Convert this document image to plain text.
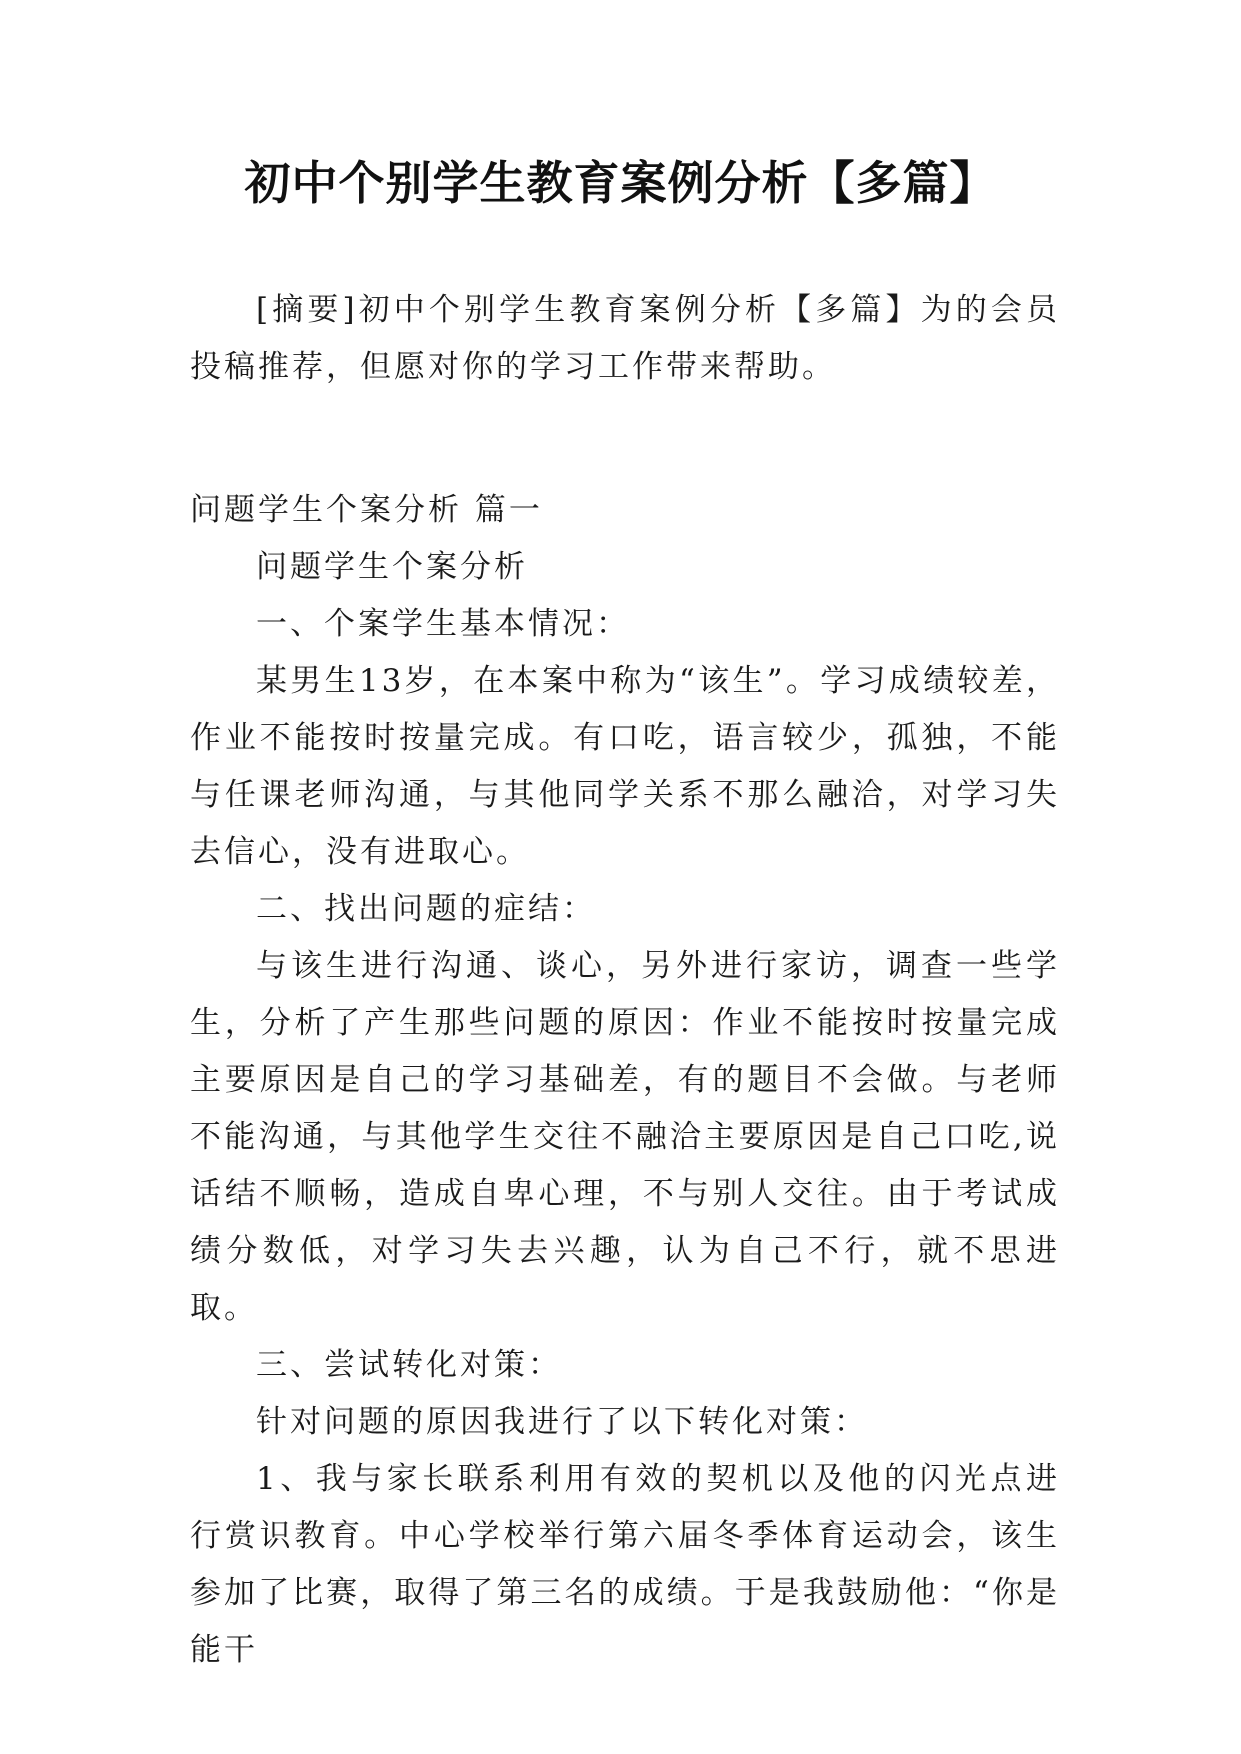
初中个别学生教育案例分析【多篇】

[摘要]初中个别学生教育案例分析【多篇】为的会员投稿推荐，但愿对你的学习工作带来帮助。

问题学生个案分析 篇一

问题学生个案分析

一、个案学生基本情况：

某男生13岁，在本案中称为“该生”。学习成绩较差，作业不能按时按量完成。有口吃，语言较少，孤独，不能与任课老师沟通，与其他同学关系不那么融洽，对学习失去信心，没有进取心。

二、找出问题的症结：

与该生进行沟通、谈心，另外进行家访，调查一些学生，分析了产生那些问题的原因：作业不能按时按量完成主要原因是自己的学习基础差，有的题目不会做。与老师不能沟通，与其他学生交往不融洽主要原因是自己口吃,说话结不顺畅，造成自卑心理，不与别人交往。由于考试成绩分数低，对学习失去兴趣，认为自己不行，就不思进取。

三、尝试转化对策：

针对问题的原因我进行了以下转化对策：

1、我与家长联系利用有效的契机以及他的闪光点进行赏识教育。中心学校举行第六届冬季体育运动会，该生参加了比赛，取得了第三名的成绩。于是我鼓励他：“你是能干
